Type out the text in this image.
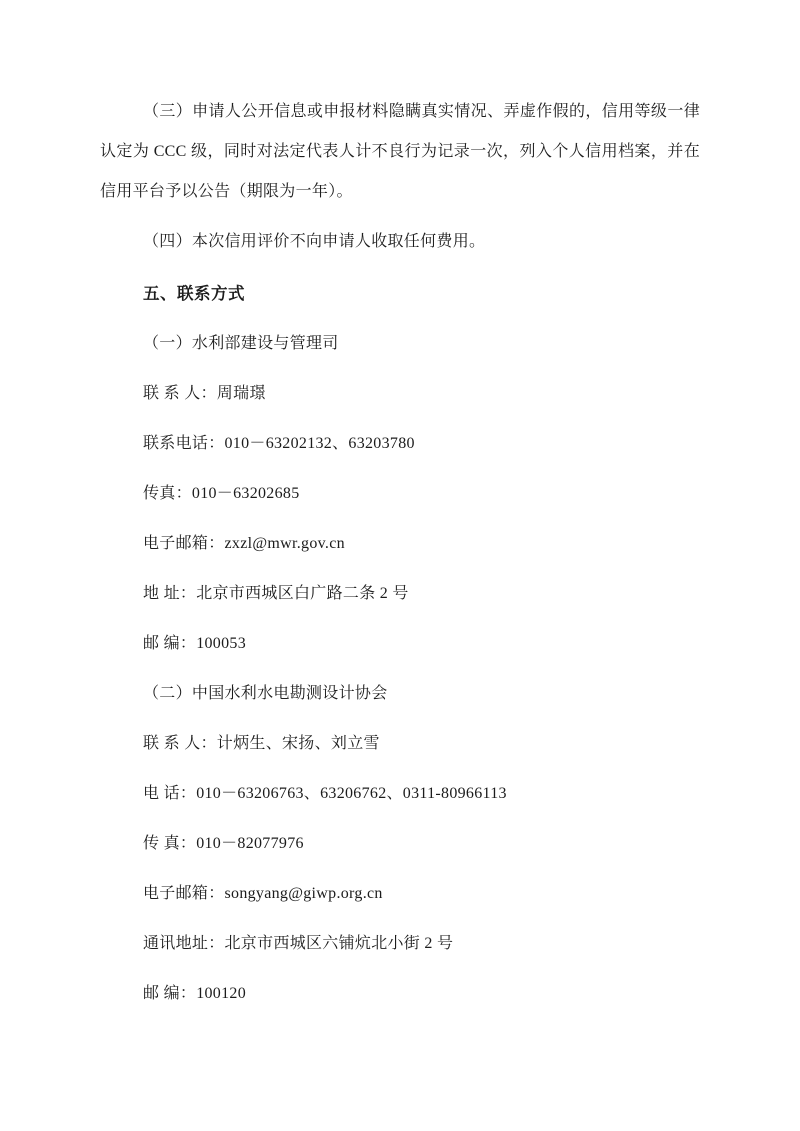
（三）申请人公开信息或申报材料隐瞒真实情况、弄虚作假的，信用等级一律认定为 CCC 级，同时对法定代表人计不良行为记录一次，列入个人信用档案，并在信用平台予以公告（期限为一年）。

（四）本次信用评价不向申请人收取任何费用。

五、联系方式

（一）水利部建设与管理司

联 系 人：周瑞璟

联系电话：010－63202132、63203780

传真：010－63202685

电子邮箱：zxzl@mwr.gov.cn

地 址：北京市西城区白广路二条 2 号

邮 编：100053

（二）中国水利水电勘测设计协会

联 系 人：计炳生、宋扬、刘立雪

电 话：010－63206763、63206762、0311-80966113

传 真：010－82077976

电子邮箱：songyang@giwp.org.cn

通讯地址：北京市西城区六铺炕北小街 2 号

邮 编：100120
